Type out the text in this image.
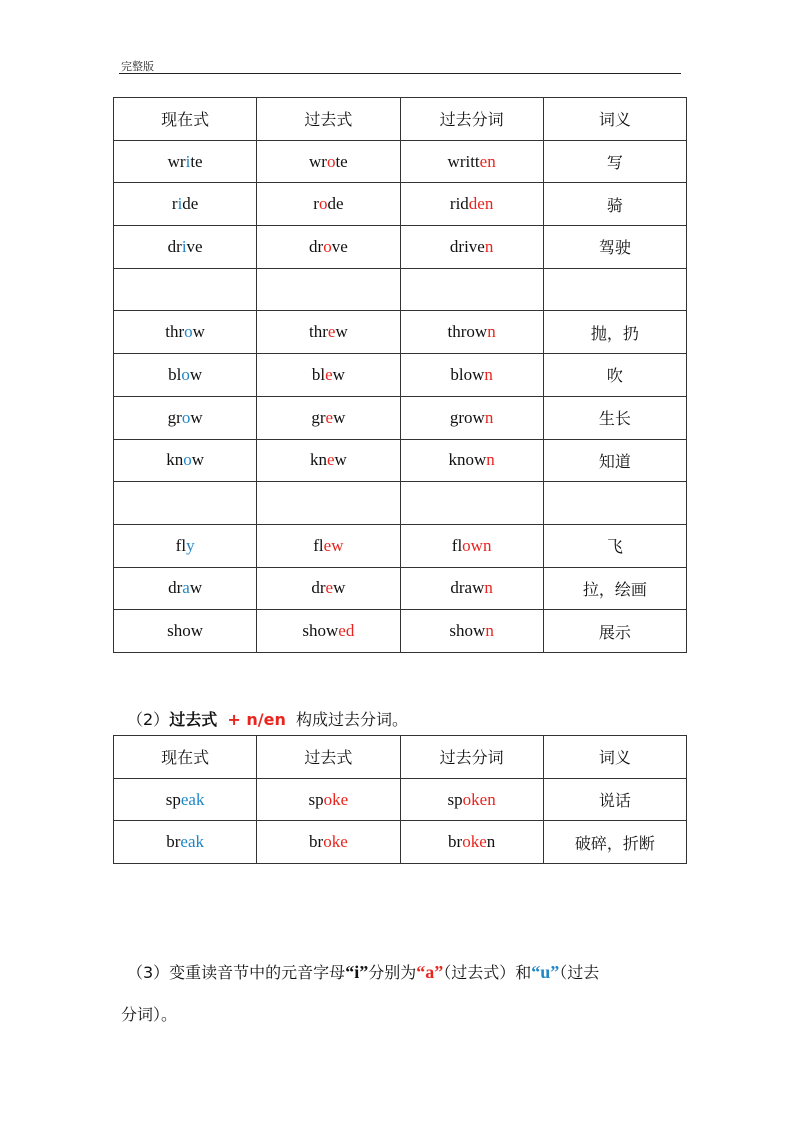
完整版
现在式	过去式	过去分词	词义
write	wrote	written	写
ride	rode	ridden	骑
drive	drove	driven	驾驶

throw	threw	thrown	抛，扔
blow	blew	blown	吹
grow	grew	grown	生长
know	knew	known	知道

fly	flew	flown	飞
draw	drew	drawn	拉，绘画
show	showed	shown	展示
（2）过去式 + n/en 构成过去分词。
现在式	过去式	过去分词	词义
speak	spoke	spoken	说话
break	broke	broken	破碎，折断
（3）变重读音节中的元音字母“i”分别为“a”（过去式）和“u”（过去
分词）。
